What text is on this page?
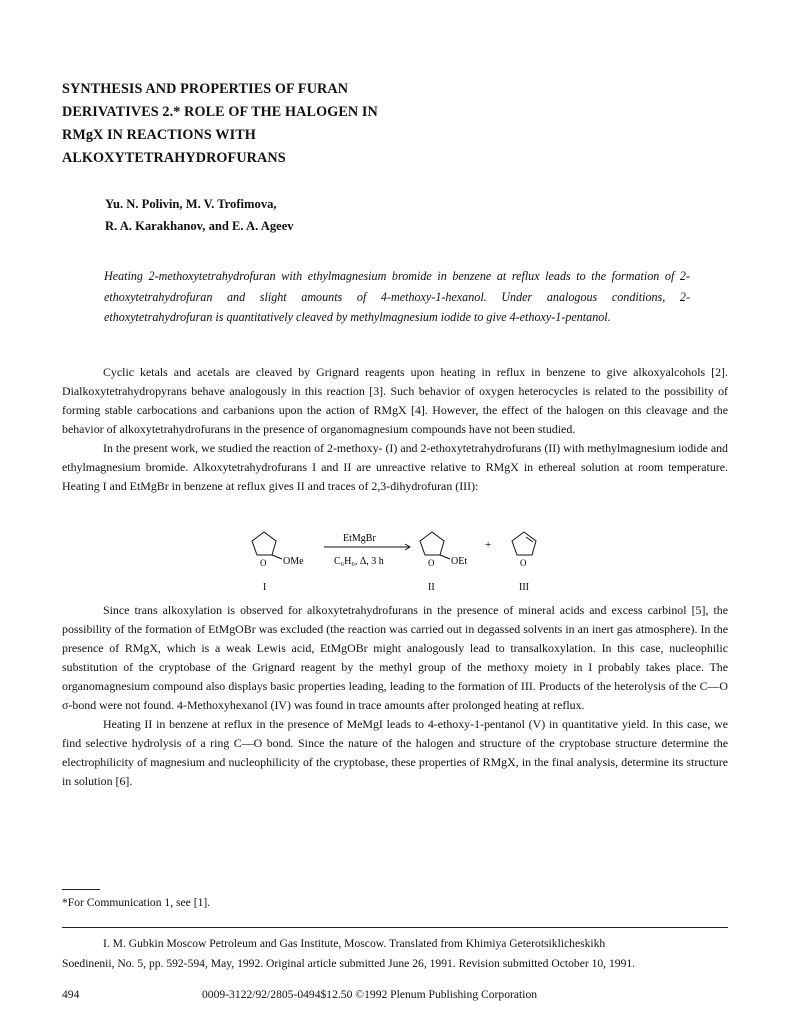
SYNTHESIS AND PROPERTIES OF FURAN
DERIVATIVES 2.* ROLE OF THE HALOGEN IN
RMgX IN REACTIONS WITH
ALKOXYTETRAHYDROFURANS
Yu. N. Polivin, M. V. Trofimova,
R. A. Karakhanov, and E. A. Ageev
Heating 2-methoxytetrahydrofuran with ethylmagnesium bromide in benzene at reflux leads to the formation of 2-ethoxytetrahydrofuran and slight amounts of 4-methoxy-1-hexanol. Under analogous conditions, 2-ethoxytetrahydrofuran is quantitatively cleaved by methylmagnesium iodide to give 4-ethoxy-1-pentanol.

Cyclic ketals and acetals are cleaved by Grignard reagents upon heating in reflux in benzene to give alkoxyalcohols [2]. Dialkoxytetrahydropyrans behave analogously in this reaction [3]. Such behavior of oxygen heterocycles is related to the possibility of forming stable carbocations and carbanions upon the action of RMgX [4]. However, the effect of the halogen on this cleavage and the behavior of alkoxytetrahydrofurans in the presence of organomagnesium compounds have not been studied.

In the present work, we studied the reaction of 2-methoxy- (I) and 2-ethoxytetrahydrofurans (II) with methylmagnesium iodide and ethylmagnesium bromide. Alkoxytetrahydrofurans I and II are unreactive relative to RMgX in ethereal solution at room temperature. Heating I and EtMgBr in benzene at reflux gives II and traces of 2,3-dihydrofuran (III):

O OMe
EtMgBr
C₆H₆, Δ, 3 h	O OEt
+
O
I	II	III

Since trans alkoxylation is observed for alkoxytetrahydrofurans in the presence of mineral acids and excess carbinol [5], the possibility of the formation of EtMgOBr was excluded (the reaction was carried out in degassed solvents in an inert gas atmosphere). In the presence of RMgX, which is a weak Lewis acid, EtMgOBr might analogously lead to transalkoxylation. In this case, nucleophilic substitution of the cryptobase of the Grignard reagent by the methyl group of the methoxy moiety in I probably takes place. The organomagnesium compound also displays basic properties leading, leading to the formation of III. Products of the heterolysis of the C—O σ-bond were not found. 4-Methoxyhexanol (IV) was found in trace amounts after prolonged heating at reflux.

Heating II in benzene at reflux in the presence of MeMgI leads to 4-ethoxy-1-pentanol (V) in quantitative yield. In this case, we find selective hydrolysis of a ring C—O bond. Since the nature of the halogen and structure of the cryptobase structure determine the electrophilicity of magnesium and nucleophilicity of the cryptobase, these properties of RMgX, in the final analysis, determine its structure in solution [6].

*For Communication 1, see [1].
I. M. Gubkin Moscow Petroleum and Gas Institute, Moscow. Translated from Khimiya Geterotsiklicheskikh
Soedinenii, No. 5, pp. 592-594, May, 1992. Original article submitted June 26, 1991. Revision submitted October 10, 1991.
494	0009-3122/92/2805-0494$12.50 ©1992 Plenum Publishing Corporation
